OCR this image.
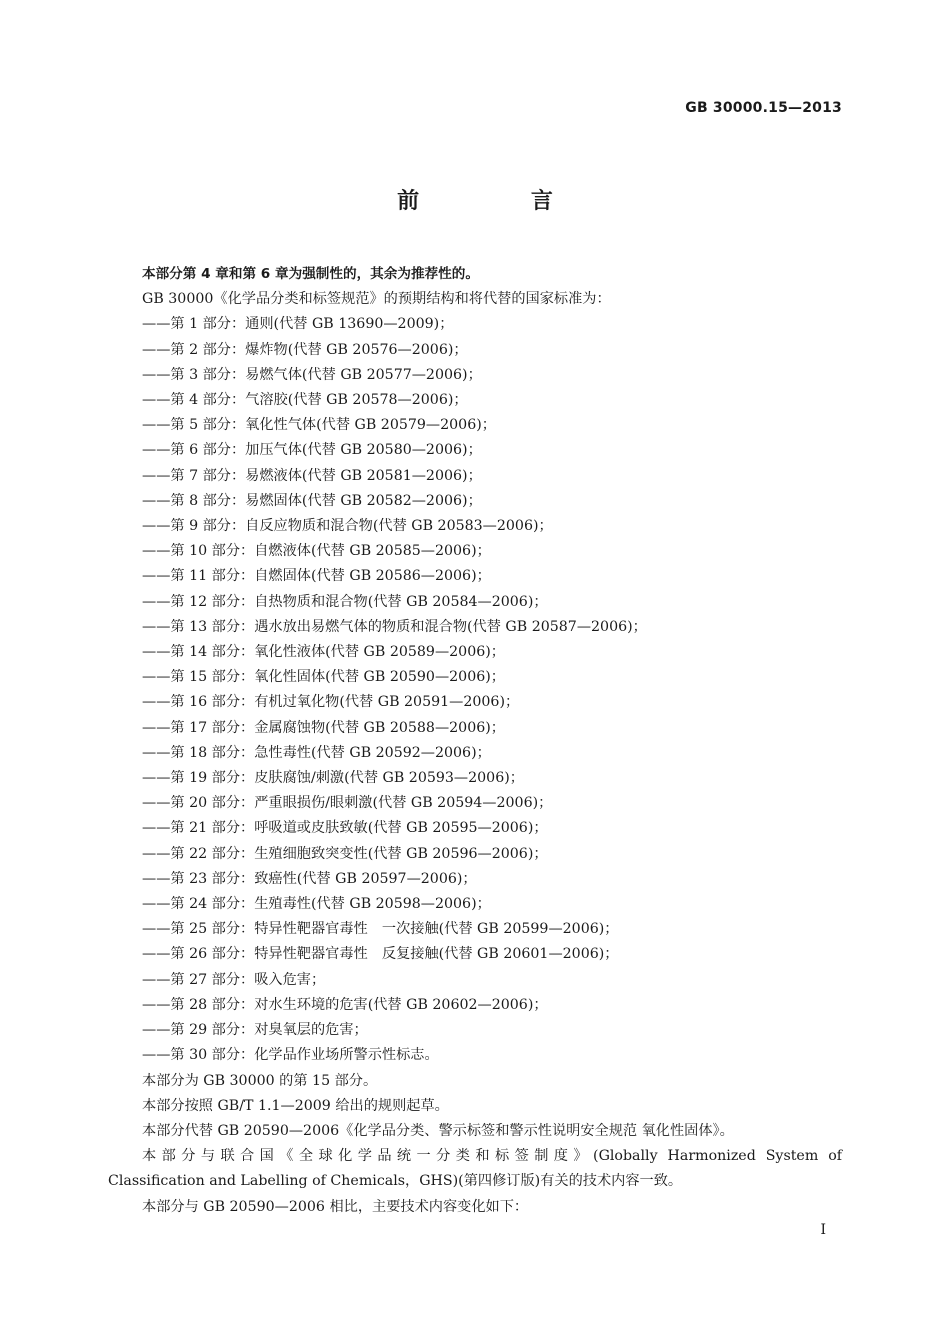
GB 30000.15—2013
前 言

本部分第 4 章和第 6 章为强制性的，其余为推荐性的。

GB 30000《化学品分类和标签规范》的预期结构和将代替的国家标准为：

——第 1 部分：通则(代替 GB 13690—2009)；

——第 2 部分：爆炸物(代替 GB 20576—2006)；

——第 3 部分：易燃气体(代替 GB 20577—2006)；

——第 4 部分：气溶胶(代替 GB 20578—2006)；

——第 5 部分：氧化性气体(代替 GB 20579—2006)；

——第 6 部分：加压气体(代替 GB 20580—2006)；

——第 7 部分：易燃液体(代替 GB 20581—2006)；

——第 8 部分：易燃固体(代替 GB 20582—2006)；

——第 9 部分：自反应物质和混合物(代替 GB 20583—2006)；

——第 10 部分：自燃液体(代替 GB 20585—2006)；

——第 11 部分：自燃固体(代替 GB 20586—2006)；

——第 12 部分：自热物质和混合物(代替 GB 20584—2006)；

——第 13 部分：遇水放出易燃气体的物质和混合物(代替 GB 20587—2006)；

——第 14 部分：氧化性液体(代替 GB 20589—2006)；

——第 15 部分：氧化性固体(代替 GB 20590—2006)；

——第 16 部分：有机过氧化物(代替 GB 20591—2006)；

——第 17 部分：金属腐蚀物(代替 GB 20588—2006)；

——第 18 部分：急性毒性(代替 GB 20592—2006)；

——第 19 部分：皮肤腐蚀/刺激(代替 GB 20593—2006)；

——第 20 部分：严重眼损伤/眼刺激(代替 GB 20594—2006)；

——第 21 部分：呼吸道或皮肤致敏(代替 GB 20595—2006)；

——第 22 部分：生殖细胞致突变性(代替 GB 20596—2006)；

——第 23 部分：致癌性(代替 GB 20597—2006)；

——第 24 部分：生殖毒性(代替 GB 20598—2006)；

——第 25 部分：特异性靶器官毒性　一次接触(代替 GB 20599—2006)；

——第 26 部分：特异性靶器官毒性　反复接触(代替 GB 20601—2006)；

——第 27 部分：吸入危害；

——第 28 部分：对水生环境的危害(代替 GB 20602—2006)；

——第 29 部分：对臭氧层的危害；

——第 30 部分：化学品作业场所警示性标志。

本部分为 GB 30000 的第 15 部分。

本部分按照 GB/T 1.1—2009 给出的规则起草。

本部分代替 GB 20590—2006《化学品分类、警示标签和警示性说明安全规范 氧化性固体》。

本部分与联合国《全球化学品统一分类和标签制度》(Globally Harmonized System of

Classification and Labelling of Chemicals，GHS)(第四修订版)有关的技术内容一致。

本部分与 GB 20590—2006 相比，主要技术内容变化如下：

I
